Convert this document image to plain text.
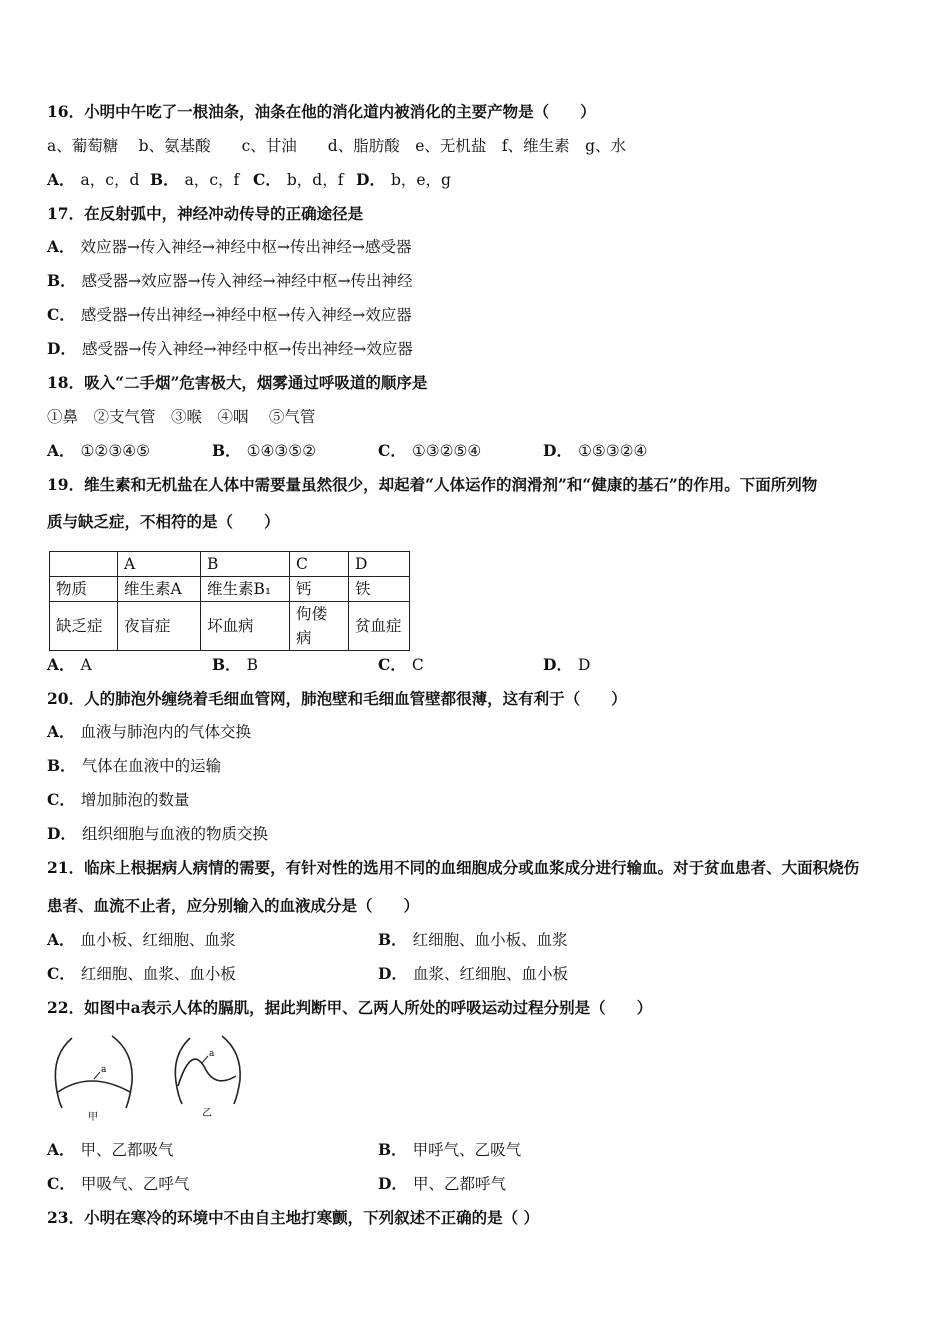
16．小明中午吃了一根油条，油条在他的消化道内被消化的主要产物是（　　）
a、葡萄糖　 b、氨基酸　　c、甘油　　d、脂肪酸　e、无机盐　f、维生素　g、水
A． a，c，d B． a，c，f C． b，d，f D． b，e，g
17．在反射弧中，神经冲动传导的正确途径是
A． 效应器→传入神经→神经中枢→传出神经→感受器
B． 感受器→效应器→传入神经→神经中枢→传出神经
C． 感受器→传出神经→神经中枢→传入神经→效应器
D． 感受器→传入神经→神经中枢→传出神经→效应器
18．吸入“二手烟”危害极大，烟雾通过呼吸道的顺序是
①鼻　②支气管　③喉　④咽　 ⑤气管
A． ①②③④⑤	B． ①④③⑤②	C． ①③②⑤④	D． ①⑤③②④
19．维生素和无机盐在人体中需要量虽然很少，却起着“人体运作的润滑剂”和“健康的基石”的作用。下面所列物
质与缺乏症，不相符的是（　　）
	A	B	C	D
物质	维生素A	维生素B₁	钙	铁
缺乏症	夜盲症	坏血病	佝偻病	贫血症
A． A	B． B	C． C	D． D
20．人的肺泡外缠绕着毛细血管网，肺泡壁和毛细血管壁都很薄，这有利于（　　）
A． 血液与肺泡内的气体交换
B． 气体在血液中的运输
C． 增加肺泡的数量
D． 组织细胞与血液的物质交换
21．临床上根据病人病情的需要，有针对性的选用不同的血细胞成分或血浆成分进行输血。对于贫血患者、大面积烧伤
患者、血流不止者，应分别输入的血液成分是（　　）
A． 血小板、红细胞、血浆	B． 红细胞、血小板、血浆
C． 红细胞、血浆、血小板	D． 血浆、红细胞、血小板
22．如图中a表示人体的膈肌，据此判断甲、乙两人所处的呼吸运动过程分别是（　　）
a
甲
a
乙
A． 甲、乙都吸气	B． 甲呼气、乙吸气
C． 甲吸气、乙呼气	D． 甲、乙都呼气
23．小明在寒冷的环境中不由自主地打寒颤，下列叙述不正确的是（ ）
